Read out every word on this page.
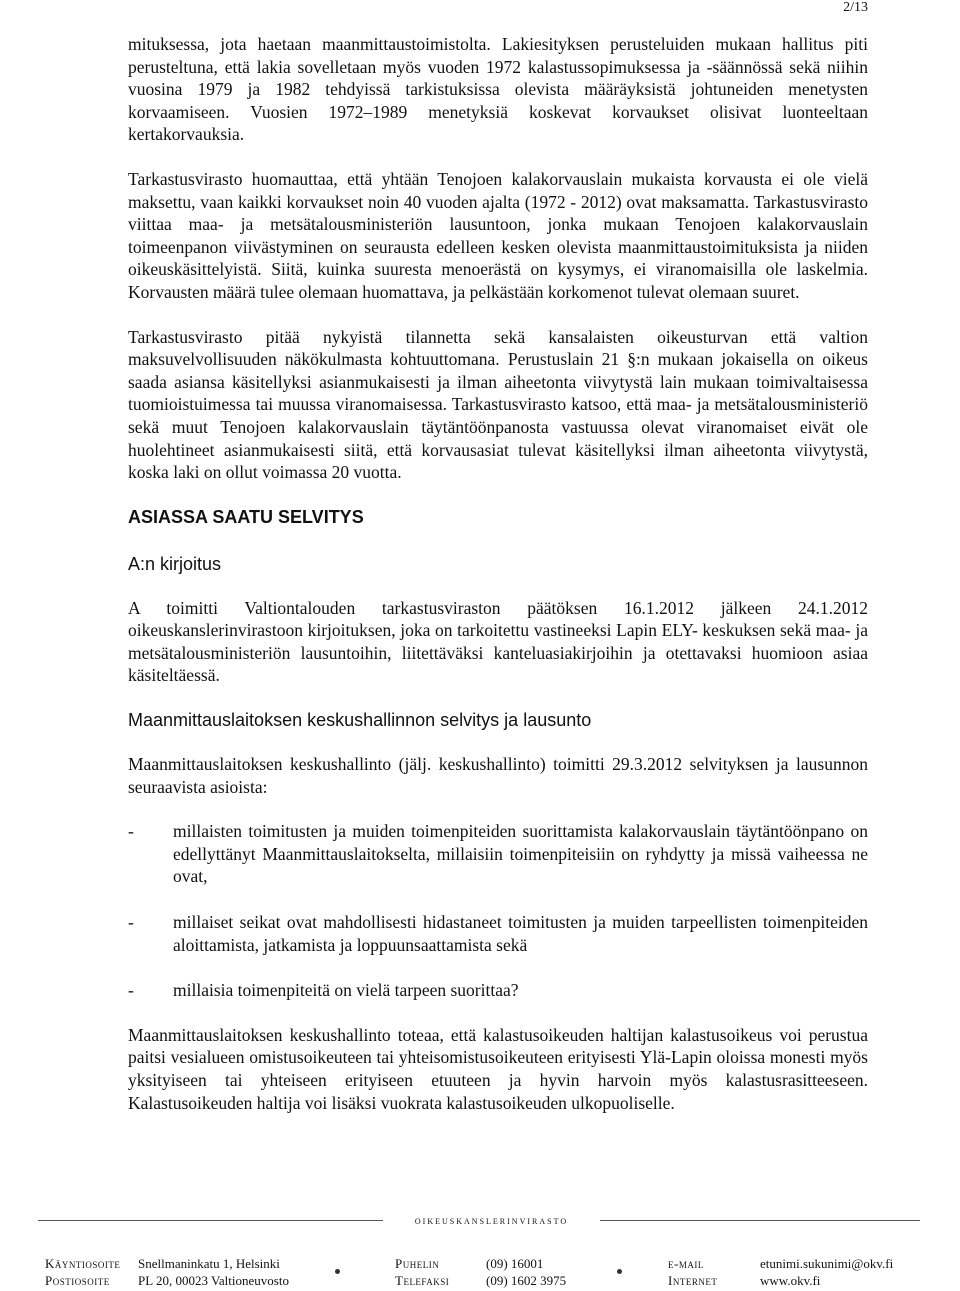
2/13

mituksessa, jota haetaan maanmittaustoimistolta. Lakiesityksen perusteluiden mukaan hallitus piti perusteltuna, että lakia sovelletaan myös vuoden 1972 kalastussopimuksessa ja -säännössä sekä niihin vuosina 1979 ja 1982 tehdyissä tarkistuksissa olevista määräyksistä johtuneiden menetysten korvaamiseen. Vuosien 1972–1989 menetyksiä koskevat korvaukset olisivat luonteeltaan kertakorvauksia.

Tarkastusvirasto huomauttaa, että yhtään Tenojoen kalakorvauslain mukaista korvausta ei ole vielä maksettu, vaan kaikki korvaukset noin 40 vuoden ajalta (1972 - 2012) ovat maksamatta. Tarkastusvirasto viittaa maa- ja metsätalousministeriön lausuntoon, jonka mukaan Tenojoen kalakorvauslain toimeenpanon viivästyminen on seurausta edelleen kesken olevista maanmittaustoimituksista ja niiden oikeuskäsittelyistä. Siitä, kuinka suuresta menoerästä on kysymys, ei viranomaisilla ole laskelmia. Korvausten määrä tulee olemaan huomattava, ja pelkästään korkomenot tulevat olemaan suuret.

Tarkastusvirasto pitää nykyistä tilannetta sekä kansalaisten oikeusturvan että valtion maksuvelvollisuuden näkökulmasta kohtuuttomana. Perustuslain 21 §:n mukaan jokaisella on oikeus saada asiansa käsitellyksi asianmukaisesti ja ilman aiheetonta viivytystä lain mukaan toimivaltaisessa tuomioistuimessa tai muussa viranomaisessa. Tarkastusvirasto katsoo, että maa- ja metsätalousministeriö sekä muut Tenojoen kalakorvauslain täytäntöönpanosta vastuussa olevat viranomaiset eivät ole huolehtineet asianmukaisesti siitä, että korvausasiat tulevat käsitellyksi ilman aiheetonta viivytystä, koska laki on ollut voimassa 20 vuotta.

ASIASSA SAATU SELVITYS
A:n kirjoitus

A toimitti Valtiontalouden tarkastusviraston päätöksen 16.1.2012 jälkeen 24.1.2012 oikeuskanslerinvirastoon kirjoituksen, joka on tarkoitettu vastineeksi Lapin ELY- keskuksen sekä maa- ja metsätalousministeriön lausuntoihin, liitettäväksi kanteluasiakirjoihin ja otettavaksi huomioon asiaa käsiteltäessä.

Maanmittauslaitoksen keskushallinnon selvitys ja lausunto

Maanmittauslaitoksen keskushallinto (jälj. keskushallinto) toimitti 29.3.2012 selvityksen ja lausunnon seuraavista asioista:

- millaisten toimitusten ja muiden toimenpiteiden suorittamista kalakorvauslain täytäntöönpano on edellyttänyt Maanmittauslaitokselta, millaisiin toimenpiteisiin on ryhdytty ja missä vaiheessa ne ovat,
- millaiset seikat ovat mahdollisesti hidastaneet toimitusten ja muiden tarpeellisten toimenpiteiden aloittamista, jatkamista ja loppuunsaattamista sekä
- millaisia toimenpiteitä on vielä tarpeen suorittaa?

Maanmittauslaitoksen keskushallinto toteaa, että kalastusoikeuden haltijan kalastusoikeus voi perustua paitsi vesialueen omistusoikeuteen tai yhteisomistusoikeuteen erityisesti Ylä-Lapin oloissa monesti myös yksityiseen tai yhteiseen erityiseen etuuteen ja hyvin harvoin myös kalastusrasitteeseen. Kalastusoikeuden haltija voi lisäksi vuokrata kalastusoikeuden ulkopuoliselle.

oikeuskanslerinvirasto
Käyntiosoite Snellmaninkatu 1, Helsinki	Puhelin	(09) 16001	e-mail	etunimi.sukunimi@okv.fi
Postiosoite PL 20, 00023 Valtioneuvosto	Telefaksi	(09) 1602 3975	Internet	www.okv.fi
